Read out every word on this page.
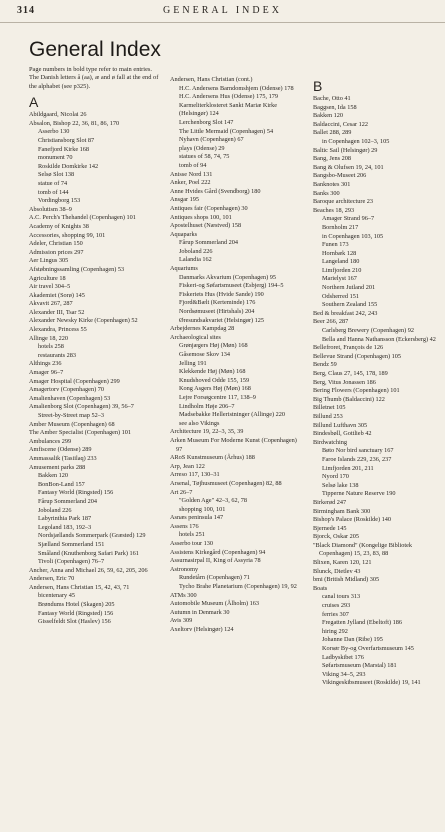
314	GENERAL INDEX
General Index

Page numbers in bold type refer to main entries. The Danish letters å (aa), æ and ø fall at the end of the alphabet (see p325).

A
Abildgaard, Nicolai 26
Absalon, Bishop 22, 36, 81, 86, 170
Asserbo 130
Christiansborg Slot 87
Fanefjord Kirke 168
monument 70
Roskilde Domkirke 142
Selsø Slot 138
statue of 74
tomb of 144
Vordingborg 153
Absolutism 38–9
A.C. Perch's Thehandel (Copenhagen) 101
Academy of Knights 38
Accessories, shopping 99, 101
Adeler, Christian 150
Admission prices 297
Aer Lingus 305
Afstøbningssamling (Copenhagen) 53
Agriculture 18
Air travel 304–5
Akademiet (Sorø) 145
Akvavit 267, 287
Alexander III, Tsar 52
Alexander Newsky Kirke (Copenhagen) 52
Alexandra, Princess 55
Allinge 18, 220
hotels 258
restaurants 283
Althings 236
Amager 96–7
Amager Hospital (Copenhagen) 299
Amagertorv (Copenhagen) 70
Amalienhaven (Copenhagen) 53
Amalienborg Slot (Copenhagen) 39, 56–7
Street-by-Street map 52–3
Amber Museum (Copenhagen) 68
The Amber Specialist (Copenhagen) 101
Ambulances 299
Amfiscene (Odense) 289
Ammassalik (Tasiilaq) 233
Amusement parks 288
Bakken 120
BonBon-Land 157
Fantasy World (Ringsted) 156
Fårup Sommerland 204
Joboland 226
Labyrinthia Park 187
Legoland 183, 192–3
Nordsjællands Sommerpark (Græsted) 129
Sjælland Sommerland 151
Småland (Knuthenborg Safari Park) 161
Tivoli (Copenhagen) 76–7
Ancher, Anna and Michael 26, 59, 62, 205, 206
Andersen, Eric 70
Andersen, Hans Christian 15, 42, 43, 71
bicentenary 45
Brøndums Hotel (Skagen) 205
Fantasy World (Ringsted) 156
Gisselfeldt Slot (Haslev) 156
Andersen, Hans Christian (cont.)
H.C. Andersens Barndomshjem (Odense) 178
H.C. Andersens Hus (Odense) 175, 179
Karmeliterklosteret Sankt Mariæ Kirke (Helsingør) 124
Lerchenborg Slot 147
The Little Mermaid (Copenhagen) 54
Nyhavn (Copenhagen) 67
plays (Odense) 29
statues of 58, 74, 75
tomb of 94
Anisse Nord 131
Anker, Poel 222
Anne Hvides Gård (Svendborg) 180
Ansgar 195
Antiques fair (Copenhagen) 30
Antiques shops 100, 101
Apostelhuset (Næstved) 158
Aquaparks
Fårup Sommerland 204
Joboland 226
Lalandia 162
Aquariums
Danmarks Akvarium (Copenhagen) 95
Fiskeri-og Søfartsmuseet (Esbjerg) 194–5
Fiskeriets Hus (Hvide Sande) 190
Fjord&Bælt (Kerteminde) 176
Nordsømuseet (Hirtshals) 204
Øresundsakvariet (Helsingør) 125
Arbejdernes Kampdag 28
Archaeological sites
Grønjægers Høj (Møn) 168
Gåsemose Skov 134
Jelling 191
Klekkende Høj (Møn) 168
Knudshoved Odde 155, 159
Kong Asgers Høj (Møn) 168
Lejre Forsøgcentre 117, 138–9
Lindholm Høje 206–7
Madsebakke Helleristninger (Allinge) 220
see also Vikings
Architecture 19, 22–3, 35, 39
Arken Museum For Moderne Kunst (Copenhagen) 97
ARoS Kunstmuseum (Århus) 188
Arp, Jean 122
Arreso 117, 130–31
Arsenal, Tøjhusmuseet (Copenhagen) 82, 88
Art 26–7
"Golden Age" 42–3, 62, 78
shopping 100, 101
Asnæs peninsula 147
Assens 176
hotels 251
Asserbo tour 130
Assistens Kirkegård (Copenhagen) 94
Assurnasirpal II, King of Assyria 78
Astronomy
Rundetårn (Copenhagen) 71
Tycho Brahe Planetarium (Copenhagen) 19, 92
ATMs 300
Automobile Museum (Ålholm) 163
Autumn in Denmark 30
Avis 309
Axeltorv (Helsingør) 124
B
Bache, Otto 41
Baggsen, Ida 158
Bakken 120
Baldaccini, Cesar 122
Ballet 288, 289
in Copenhagen 102–3, 105
Baltic Sail (Helsingør) 29
Bang, Jens 208
Bang & Olufsen 19, 24, 101
Bangsbo-Museet 206
Banknotes 301
Banks 300
Baroque architecture 23
Beaches 18, 293
Amager Strand 96–7
Bornholm 217
in Copenhagen 103, 105
Funen 173
Hornbæk 128
Langeland 180
Limfjorden 210
Marielyst 167
Northern Jutland 201
Odsherred 151
Southern Zealand 155
Bed & breakfast 242, 243
Beer 266, 287
Carlsberg Brewery (Copenhagen) 92
Bella and Hanna Nathansson (Eckersberg) 42
Bellefroret, François de 126
Bellevue Strand (Copenhagen) 105
Bendz 59
Berg, Claus 27, 145, 178, 189
Berg, Vitus Jonassen 186
Bering Flowers (Copenhagen) 101
Big Thumb (Baldaccini) 122
Billetnet 105
Billund 253
Billund Lufthavn 305
Bindesbøll, Gottlieb 42
Birdwatching
Bøto Nor bird sanctuary 167
Faroe Islands 229, 236, 237
Limfjorden 201, 211
Nyord 170
Selsø lake 138
Tipperne Nature Reserve 190
Birkerød 247
Birmingham Bank 300
Bishop's Palace (Roskilde) 140
Bjernede 145
Bjorck, Oskar 205
"Black Diamond" (Kongelige Bibliotek Copenhagen) 15, 23, 83, 88
Blixen, Karen 120, 121
Blunck, Dietlev 43
bmi (British Midland) 305
Boats
canal tours 313
cruises 293
ferries 307
Fregatten Jylland (Ebeltoft) 186
hiring 292
Johanne Dan (Ribe) 195
Korsør By-og Overfartsmuseum 145
Ladbyskibet 176
Søfartsmuseum (Marstal) 181
Viking 34–5, 293
Vikingeskibsmuseet (Roskilde) 19, 141
